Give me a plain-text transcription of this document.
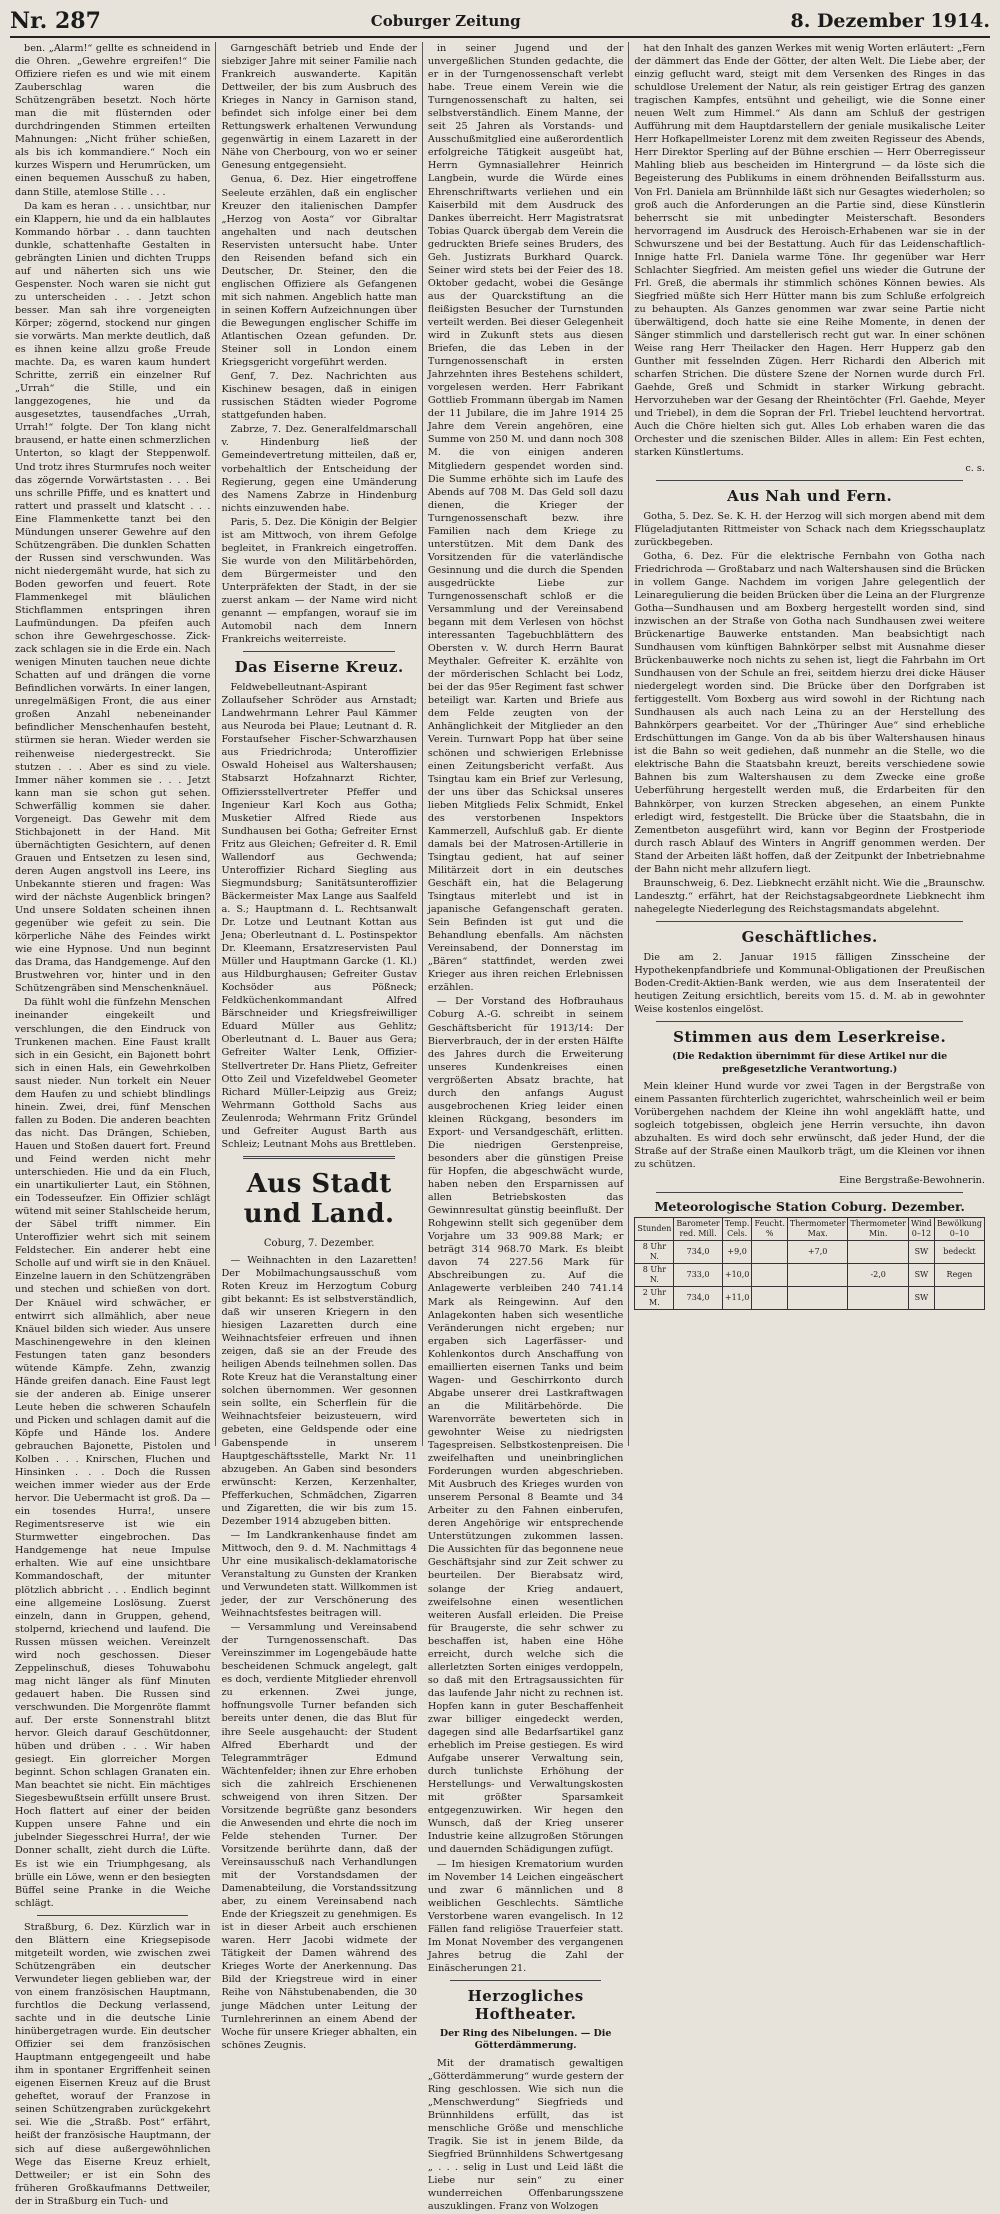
Nr. 287	Coburger Zeitung	8. Dezember 1914.

ben. „Alarm!“ gellte es schneidend in die Ohren. „Gewehre ergreifen!“ Die Offiziere riefen es und wie mit einem Zauberschlag waren die Schützengräben besetzt. Noch hörte man die mit flüsternden oder durchdringenden Stimmen erteilten Mahnungen: „Nicht früher schießen, als bis ich kommandiere.“ Noch ein kurzes Wispern und Herumrücken, um einen bequemen Ausschuß zu haben, dann Stille, atemlose Stille . . .

Da kam es heran . . . unsichtbar, nur ein Klappern, hie und da ein halblautes Kommando hörbar . . dann tauchten dunkle, schattenhafte Gestalten in gebrängten Linien und dichten Trupps auf und näherten sich uns wie Gespenster. Noch waren sie nicht gut zu unterscheiden . . . Jetzt schon besser. Man sah ihre vorgeneigten Körper; zögernd, stockend nur gingen sie vorwärts. Man merkte deutlich, daß es ihnen keine allzu große Freude machte. Da, es waren kaum hundert Schritte, zerriß ein einzelner Ruf „Urrah“ die Stille, und ein langgezogenes, hie und da ausgesetztes, tausendfaches „Urrah, Urrah!“ folgte. Der Ton klang nicht brausend, er hatte einen schmerzlichen Unterton, so klagt der Steppenwolf. Und trotz ihres Sturmrufes noch weiter das zögernde Vorwärtstasten . . . Bei uns schrille Pfiffe, und es knattert und rattert und prasselt und klatscht . . . Eine Flammenkette tanzt bei den Mündungen unserer Gewehre auf den Schützengräben. Die dunklen Schatten der Russen sind verschwunden. Was nicht niedergemäht wurde, hat sich zu Boden geworfen und feuert. Rote Flammenkegel mit bläulichen Stichflammen entspringen ihren Laufmündungen. Da pfeifen auch schon ihre Gewehrgeschosse. Zick-zack schlagen sie in die Erde ein. Nach wenigen Minuten tauchen neue dichte Schatten auf und drängen die vorne Befindlichen vorwärts. In einer langen, unregelmäßigen Front, die aus einer großen Anzahl nebeneinander befindlicher Menschenhaufen besteht, stürmen sie heran. Wieder werden sie reihenweise niedergestreckt. Sie stutzen . . . Aber es sind zu viele. Immer näher kommen sie . . . Jetzt kann man sie schon gut sehen. Schwerfällig kommen sie daher. Vorgeneigt. Das Gewehr mit dem Stichbajonett in der Hand. Mit übernächtigten Gesichtern, auf denen Grauen und Entsetzen zu lesen sind, deren Augen angstvoll ins Leere, ins Unbekannte stieren und fragen: Was wird der nächste Augenblick bringen? Und unsere Soldaten scheinen ihnen gegenüber wie gefeit zu sein. Die körperliche Nähe des Feindes wirkt wie eine Hypnose. Und nun beginnt das Drama, das Handgemenge. Auf den Brustwehren vor, hinter und in den Schützengräben sind Menschenknäuel.

Da fühlt wohl die fünfzehn Menschen ineinander eingekeilt und verschlungen, die den Eindruck von Trunkenen machen. Eine Faust krallt sich in ein Gesicht, ein Bajonett bohrt sich in einen Hals, ein Gewehrkolben saust nieder. Nun torkelt ein Neuer dem Haufen zu und schiebt blindlings hinein. Zwei, drei, fünf Menschen fallen zu Boden. Die anderen beachten das nicht. Das Drängen, Schieben, Hauen und Stoßen dauert fort. Freund und Feind werden nicht mehr unterschieden. Hie und da ein Fluch, ein unartikulierter Laut, ein Stöhnen, ein Todesseufzer. Ein Offizier schlägt wütend mit seiner Stahlscheide herum, der Säbel trifft nimmer. Ein Unteroffizier wehrt sich mit seinem Feldstecher. Ein anderer hebt eine Scholle auf und wirft sie in den Knäuel. Einzelne lauern in den Schützengräben und stechen und schießen von dort. Der Knäuel wird schwächer, er entwirrt sich allmählich, aber neue Knäuel bilden sich wieder. Aus unsere Maschinengewehre in den kleinen Festungen taten ganz besonders wütende Kämpfe. Zehn, zwanzig Hände greifen danach. Eine Faust legt sie der anderen ab. Einige unserer Leute heben die schweren Schaufeln und Picken und schlagen damit auf die Köpfe und Hände los. Andere gebrauchen Bajonette, Pistolen und Kolben . . . Knirschen, Fluchen und Hinsinken . . . Doch die Russen weichen immer wieder aus der Erde hervor. Die Uebermacht ist groß. Da — ein tosendes Hurra!, unsere Regimentsreserve ist wie ein Sturmwetter eingebrochen. Das Handgemenge hat neue Impulse erhalten. Wie auf eine unsichtbare Kommandoschaft, der mitunter plötzlich abbricht . . . Endlich beginnt eine allgemeine Loslösung. Zuerst einzeln, dann in Gruppen, gehend, stolpernd, kriechend und laufend. Die Russen müssen weichen. Vereinzelt wird noch geschossen. Dieser Zeppelinschuß, dieses Tohuwabohu mag nicht länger als fünf Minuten gedauert haben. Die Russen sind verschwunden. Die Morgenröte flammt auf. Der erste Sonnenstrahl blitzt hervor. Gleich darauf Geschütdonner, hüben und drüben . . . Wir haben gesiegt. Ein glorreicher Morgen beginnt. Schon schlagen Granaten ein. Man beachtet sie nicht. Ein mächtiges Siegesbewußtsein erfüllt unsere Brust. Hoch flattert auf einer der beiden Kuppen unsere Fahne und ein jubelnder Siegesschrei Hurra!, der wie Donner schallt, zieht durch die Lüfte. Es ist wie ein Triumphgesang, als brülle ein Löwe, wenn er den besiegten Büffel seine Pranke in die Weiche schlägt.

Straßburg, 6. Dez. Kürzlich war in den Blättern eine Kriegsepisode mitgeteilt worden, wie zwischen zwei Schützengräben ein deutscher Verwundeter liegen geblieben war, der von einem französischen Hauptmann, furchtlos die Deckung verlassend, sachte und in die deutsche Linie hinübergetragen wurde. Ein deutscher Offizier sei dem französischen Hauptmann entgegengeeilt und habe ihm in spontaner Ergriffenheit seinen eigenen Eisernen Kreuz auf die Brust geheftet, worauf der Franzose in seinen Schützengraben zurückgekehrt sei. Wie die „Straßb. Post“ erfährt, heißt der französische Hauptmann, der sich auf diese außergewöhnlichen Wege das Eiserne Kreuz erhielt, Dettweiler; er ist ein Sohn des früheren Großkaufmanns Dettweiler, der in Straßburg ein Tuch- und

Garngeschäft betrieb und Ende der siebziger Jahre mit seiner Familie nach Frankreich auswanderte. Kapitän Dettweiler, der bis zum Ausbruch des Krieges in Nancy in Garnison stand, befindet sich infolge einer bei dem Rettungswerk erhaltenen Verwundung gegenwärtig in einem Lazarett in der Nähe von Cherbourg, von wo er seiner Genesung entgegensieht.

Genua, 6. Dez. Hier eingetroffene Seeleute erzählen, daß ein englischer Kreuzer den italienischen Dampfer „Herzog von Aosta“ vor Gibraltar angehalten und nach deutschen Reservisten untersucht habe. Unter den Reisenden befand sich ein Deutscher, Dr. Steiner, den die englischen Offiziere als Gefangenen mit sich nahmen. Angeblich hatte man in seinen Koffern Aufzeichnungen über die Bewegungen englischer Schiffe im Atlantischen Ozean gefunden. Dr. Steiner soll in London einem Kriegsgericht vorgeführt werden.

Genf, 7. Dez. Nachrichten aus Kischinew besagen, daß in einigen russischen Städten wieder Pogrome stattgefunden haben.

Zabrze, 7. Dez. Generalfeldmarschall v. Hindenburg ließ der Gemeindevertretung mitteilen, daß er, vorbehaltlich der Entscheidung der Regierung, gegen eine Umänderung des Namens Zabrze in Hindenburg nichts einzuwenden habe.

Paris, 5. Dez. Die Königin der Belgier ist am Mittwoch, von ihrem Gefolge begleitet, in Frankreich eingetroffen. Sie wurde von den Militärbehörden, dem Bürgermeister und den Unterpräfekten der Stadt, in der sie zuerst ankam — der Name wird nicht genannt — empfangen, worauf sie im Automobil nach dem Innern Frankreichs weiterreiste.

Das Eiserne Kreuz.

Feldwebelleutnant-Aspirant Zollaufseher Schröder aus Arnstadt; Landwehrmann Lehrer Paul Kämmer aus Neuroda bei Plaue; Leutnant d. R. Forstaufseher Fischer-Schwarzhausen aus Friedrichroda; Unteroffizier Oswald Hoheisel aus Waltershausen; Stabsarzt Hofzahnarzt Richter, Offiziersstellvertreter Pfeffer und Ingenieur Karl Koch aus Gotha; Musketier Alfred Riede aus Sundhausen bei Gotha; Gefreiter Ernst Fritz aus Gleichen; Gefreiter d. R. Emil Wallendorf aus Gechwenda; Unteroffizier Richard Siegling aus Siegmundsburg; Sanitätsunteroffizier Bäckermeister Max Lange aus Saalfeld a. S.; Hauptmann d. L. Rechtsanwalt Dr. Lotze und Leutnant Kottan aus Jena; Oberleutnant d. L. Postinspektor Dr. Kleemann, Ersatzreservisten Paul Müller und Hauptmann Garcke (1. Kl.) aus Hildburghausen; Gefreiter Gustav Kochsöder aus Pößneck; Feldküchenkommandant Alfred Bärschneider und Kriegsfreiwilliger Eduard Müller aus Gehlitz; Oberleutnant d. L. Bauer aus Gera; Gefreiter Walter Lenk, Offizier-Stellvertreter Dr. Hans Plietz, Gefreiter Otto Zeil und Vizefeldwebel Geometer Richard Müller-Leipzig aus Greiz; Wehrmann Gotthold Sachs aus Zeulenroda; Wehrmann Fritz Gründel und Gefreiter August Barth aus Schleiz; Leutnant Mohs aus Brettleben.

Aus Stadt und Land.
Coburg, 7. Dezember.

— Weihnachten in den Lazaretten! Der Mobilmachungsausschuß vom Roten Kreuz im Herzogtum Coburg gibt bekannt: Es ist selbstverständlich, daß wir unseren Kriegern in den hiesigen Lazaretten durch eine Weihnachtsfeier erfreuen und ihnen zeigen, daß sie an der Freude des heiligen Abends teilnehmen sollen. Das Rote Kreuz hat die Veranstaltung einer solchen übernommen. Wer gesonnen sein sollte, ein Scherflein für die Weihnachtsfeier beizusteuern, wird gebeten, eine Geldspende oder eine Gabenspende in unserem Hauptgeschäftsstelle, Markt Nr. 11 abzugeben. An Gaben sind besonders erwünscht: Kerzen, Kerzenhalter, Pfefferkuchen, Schmädchen, Zigarren und Zigaretten, die wir bis zum 15. Dezember 1914 abzugeben bitten.

— Im Landkrankenhause findet am Mittwoch, den 9. d. M. Nachmittags 4 Uhr eine musikalisch-deklamatorische Veranstaltung zu Gunsten der Kranken und Verwundeten statt. Willkommen ist jeder, der zur Verschönerung des Weihnachtsfestes beitragen will.

— Versammlung und Vereinsabend der Turngenossenschaft. Das Vereinszimmer im Logengebäude hatte bescheidenen Schmuck angelegt, galt es doch, verdiente Mitglieder ehrenvoll zu erkennen. Zwei junge, hoffnungsvolle Turner befanden sich bereits unter denen, die das Blut für ihre Seele ausgehaucht: der Student Alfred Eberhardt und der Telegrammträger Edmund Wächtenfelder; ihnen zur Ehre erhoben sich die zahlreich Erschienenen schweigend von ihren Sitzen. Der Vorsitzende begrüßte ganz besonders die Anwesenden und ehrte die noch im Felde stehenden Turner. Der Vorsitzende berührte dann, daß der Vereinsausschuß nach Verhandlungen mit der Vorstandsdamen der Damenabteilung, die Vorstandssitzung aber, zu einem Vereinsabend nach Ende der Kriegszeit zu genehmigen. Es ist in dieser Arbeit auch erschienen waren. Herr Jacobi widmete der Tätigkeit der Damen während des Krieges Worte der Anerkennung. Das Bild der Kriegstreue wird in einer Reihe von Nähstubenabenden, die 30 junge Mädchen unter Leitung der Turnlehrerinnen an einem Abend der Woche für unsere Krieger abhalten, ein schönes Zeugnis.

in seiner Jugend und der unvergeßlichen Stunden gedachte, die er in der Turngenossenschaft verlebt habe. Treue einem Verein wie die Turngenossenschaft zu halten, sei selbstverständlich. Einem Manne, der seit 25 Jahren als Vorstands- und Ausschußmitglied eine außerordentlich erfolgreiche Tätigkeit ausgeübt hat, Herrn Gymnasiallehrer Heinrich Langbein, wurde die Würde eines Ehrenschriftwarts verliehen und ein Kaiserbild mit dem Ausdruck des Dankes überreicht. Herr Magistratsrat Tobias Quarck übergab dem Verein die gedruckten Briefe seines Bruders, des Geh. Justizrats Burkhard Quarck. Seiner wird stets bei der Feier des 18. Oktober gedacht, wobei die Gesänge aus der Quarckstiftung an die fleißigsten Besucher der Turnstunden verteilt werden. Bei dieser Gelegenheit wird in Zukunft stets aus diesen Briefen, die das Leben in der Turngenossenschaft in ersten Jahrzehnten ihres Bestehens schildert, vorgelesen werden. Herr Fabrikant Gottlieb Frommann übergab im Namen der 11 Jubilare, die im Jahre 1914 25 Jahre dem Verein angehören, eine Summe von 250 M. und dann noch 308 M. die von einigen anderen Mitgliedern gespendet worden sind. Die Summe erhöhte sich im Laufe des Abends auf 708 M. Das Geld soll dazu dienen, die Krieger der Turngenossenschaft bezw. ihre Familien nach dem Kriege zu unterstützen. Mit dem Dank des Vorsitzenden für die vaterländische Gesinnung und die durch die Spenden ausgedrückte Liebe zur Turngenossenschaft schloß er die Versammlung und der Vereinsabend begann mit dem Verlesen von höchst interessanten Tagebuchblättern des Obersten v. W. durch Herrn Baurat Meythaler. Gefreiter K. erzählte von der mörderischen Schlacht bei Lodz, bei der das 95er Regiment fast schwer beteiligt war. Karten und Briefe aus dem Felde zeugten von der Anhänglichkeit der Mitglieder an den Verein. Turnwart Popp hat über seine schönen und schwierigen Erlebnisse einen Zeitungsbericht verfaßt. Aus Tsingtau kam ein Brief zur Verlesung, der uns über das Schicksal unseres lieben Mitglieds Felix Schmidt, Enkel des verstorbenen Inspektors Kammerzell, Aufschluß gab. Er diente damals bei der Matrosen-Artillerie in Tsingtau gedient, hat auf seiner Militärzeit dort in ein deutsches Geschäft ein, hat die Belagerung Tsingtaus miterlebt und ist in japanische Gefangenschaft geraten. Sein Befinden ist gut und die Behandlung ebenfalls. Am nächsten Vereinsabend, der Donnerstag im „Bären“ stattfindet, werden zwei Krieger aus ihren reichen Erlebnissen erzählen.

— Der Vorstand des Hofbrauhaus Coburg A.-G. schreibt in seinem Geschäftsbericht für 1913/14: Der Bierverbrauch, der in der ersten Hälfte des Jahres durch die Erweiterung unseres Kundenkreises einen vergrößerten Absatz brachte, hat durch den anfangs August ausgebrochenen Krieg leider einen kleinen Rückgang, besonders im Export- und Versandgeschäft, erlitten. Die niedrigen Gerstenpreise, besonders aber die günstigen Preise für Hopfen, die abgeschwächt wurde, haben neben den Ersparnissen auf allen Betriebskosten das Gewinnresultat günstig beeinflußt. Der Rohgewinn stellt sich gegenüber dem Vorjahre um 33 909.88 Mark; er beträgt 314 968.70 Mark. Es bleibt davon 74 227.56 Mark für Abschreibungen zu. Auf die Anlagewerte verbleiben 240 741.14 Mark als Reingewinn. Auf den Anlagekonten haben sich wesentliche Veränderungen nicht ergeben; nur ergaben sich Lagerfässer- und Kohlenkontos durch Anschaffung von emaillierten eisernen Tanks und beim Wagen- und Geschirrkonto durch Abgabe unserer drei Lastkraftwagen an die Militärbehörde. Die Warenvorräte bewerteten sich in gewohnter Weise zu niedrigsten Tagespreisen. Selbstkostenpreisen. Die zweifelhaften und uneinbringlichen Forderungen wurden abgeschrieben. Mit Ausbruch des Krieges wurden von unserem Personal 8 Beamte und 34 Arbeiter zu den Fahnen einberufen, deren Angehörige wir entsprechende Unterstützungen zukommen lassen. Die Aussichten für das begonnene neue Geschäftsjahr sind zur Zeit schwer zu beurteilen. Der Bierabsatz wird, solange der Krieg andauert, zweifelsohne einen wesentlichen weiteren Ausfall erleiden. Die Preise für Braugerste, die sehr schwer zu beschaffen ist, haben eine Höhe erreicht, durch welche sich die allerletzten Sorten einiges verdoppeln, so daß mit den Ertragsaussichten für das laufende Jahr nicht zu rechnen ist. Hopfen kann in guter Beschaffenheit zwar billiger eingedeckt werden, dagegen sind alle Bedarfsartikel ganz erheblich im Preise gestiegen. Es wird Aufgabe unserer Verwaltung sein, durch tunlichste Erhöhung der Herstellungs- und Verwaltungskosten mit größter Sparsamkeit entgegenzuwirken. Wir hegen den Wunsch, daß der Krieg unserer Industrie keine allzugroßen Störungen und dauernden Schädigungen zufügt.

— Im hiesigen Krematorium wurden im November 14 Leichen eingeäschert und zwar 6 männlichen und 8 weiblichen Geschlechts. Sämtliche Verstorbene waren evangelisch. In 12 Fällen fand religiöse Trauerfeier statt. Im Monat November des vergangenen Jahres betrug die Zahl der Einäscherungen 21.

Herzogliches Hoftheater.
Der Ring des Nibelungen. — Die Götterdämmerung.

Mit der dramatisch gewaltigen „Götterdämmerung“ wurde gestern der Ring geschlossen. Wie sich nun die „Menschwerdung“ Siegfrieds und Brünnhildens erfüllt, das ist menschliche Größe und menschliche Tragik. Sie ist in jenem Bilde, da Siegfried Brünnhildens Schwertgesang „ . . . selig in Lust und Leid läßt die Liebe nur sein“ zu einer wunderreichen Offenbarungsszene auszuklingen. Franz von Wolzogen

hat den Inhalt des ganzen Werkes mit wenig Worten erläutert: „Fern der dämmert das Ende der Götter, der alten Welt. Die Liebe aber, der einzig geflucht ward, steigt mit dem Versenken des Ringes in das schuldlose Urelement der Natur, als rein geistiger Ertrag des ganzen tragischen Kampfes, entsühnt und geheiligt, wie die Sonne einer neuen Welt zum Himmel.“ Als dann am Schluß der gestrigen Aufführung mit dem Hauptdarstellern der geniale musikalische Leiter Herr Hofkapellmeister Lorenz mit dem zweiten Regisseur des Abends, Herr Direktor Sperling auf der Bühne erschien — Herr Oberregisseur Mahling blieb aus bescheiden im Hintergrund — da löste sich die Begeisterung des Publikums in einem dröhnenden Beifallssturm aus. Von Frl. Daniela am Brünnhilde läßt sich nur Gesagtes wiederholen; so groß auch die Anforderungen an die Partie sind, diese Künstlerin beherrscht sie mit unbedingter Meisterschaft. Besonders hervorragend im Ausdruck des Heroisch-Erhabenen war sie in der Schwurszene und bei der Bestattung. Auch für das Leidenschaftlich-Innige hatte Frl. Daniela warme Töne. Ihr gegenüber war Herr Schlachter Siegfried. Am meisten gefiel uns wieder die Gutrune der Frl. Greß, die abermals ihr stimmlich schönes Können bewies. Als Siegfried müßte sich Herr Hütter mann bis zum Schluße erfolgreich zu behaupten. Als Ganzes genommen war zwar seine Partie nicht überwältigend, doch hatte sie eine Reihe Momente, in denen der Sänger stimmlich und darstellerisch recht gut war. In einer schönen Weise rang Herr Theilacker den Hagen. Herr Hupperz gab den Gunther mit fesselnden Zügen. Herr Richardi den Alberich mit scharfen Strichen. Die düstere Szene der Nornen wurde durch Frl. Gaehde, Greß und Schmidt in starker Wirkung gebracht. Hervorzuheben war der Gesang der Rheintöchter (Frl. Gaehde, Meyer und Triebel), in dem die Sopran der Frl. Triebel leuchtend hervortrat. Auch die Chöre hielten sich gut. Alles Lob erhaben waren die das Orchester und die szenischen Bilder. Alles in allem: Ein Fest echten, starken Künstlertums.

c. s.
Aus Nah und Fern.

Gotha, 5. Dez. Se. K. H. der Herzog will sich morgen abend mit dem Flügeladjutanten Rittmeister von Schack nach dem Kriegsschauplatz zurückbegeben.

Gotha, 6. Dez. Für die elektrische Fernbahn von Gotha nach Friedrichroda — Großtabarz und nach Waltershausen sind die Brücken in vollem Gange. Nachdem im vorigen Jahre gelegentlich der Leinaregulierung die beiden Brücken über die Leina an der Flurgrenze Gotha—Sundhausen und am Boxberg hergestellt worden sind, sind inzwischen an der Straße von Gotha nach Sundhausen zwei weitere Brückenartige Bauwerke entstanden. Man beabsichtigt nach Sundhausen vom künftigen Bahnkörper selbst mit Ausnahme dieser Brückenbauwerke noch nichts zu sehen ist, liegt die Fahrbahn im Ort Sundhausen von der Schule an frei, seitdem hierzu drei dicke Häuser niedergelegt worden sind. Die Brücke über den Dorfgraben ist fertiggestellt. Vom Boxberg aus wird sowohl in der Richtung nach Sundhausen als auch nach Leina zu an der Herstellung des Bahnkörpers gearbeitet. Vor der „Thüringer Aue“ sind erhebliche Erdschüttungen im Gange. Von da ab bis über Waltershausen hinaus ist die Bahn so weit gediehen, daß nunmehr an die Stelle, wo die elektrische Bahn die Staatsbahn kreuzt, bereits verschiedene sowie Bahnen bis zum Waltershausen zu dem Zwecke eine große Ueberführung hergestellt werden muß, die Erdarbeiten für den Bahnkörper, von kurzen Strecken abgesehen, an einem Punkte erledigt wird, festgestellt. Die Brücke über die Staatsbahn, die in Zementbeton ausgeführt wird, kann vor Beginn der Frostperiode durch rasch Ablauf des Winters in Angriff genommen werden. Der Stand der Arbeiten läßt hoffen, daß der Zeitpunkt der Inbetriebnahme der Bahn nicht mehr allzufern liegt.

Braunschweig, 6. Dez. Liebknecht erzählt nicht. Wie die „Braunschw. Landesztg.“ erfährt, hat der Reichstagsabgeordnete Liebknecht ihm nahegelegte Niederlegung des Reichstagsmandats abgelehnt.

Geschäftliches.

Die am 2. Januar 1915 fälligen Zinsscheine der Hypothekenpfandbriefe und Kommunal-Obligationen der Preußischen Boden-Credit-Aktien-Bank werden, wie aus dem Inseratenteil der heutigen Zeitung ersichtlich, bereits vom 15. d. M. ab in gewohnter Weise kostenlos eingelöst.

Stimmen aus dem Leserkreise.
(Die Redaktion übernimmt für diese Artikel nur die preßgesetzliche Verantwortung.)

Mein kleiner Hund wurde vor zwei Tagen in der Bergstraße von einem Passanten fürchterlich zugerichtet, wahrscheinlich weil er beim Vorübergehen nachdem der Kleine ihn wohl angekläfft hatte, und sogleich totgebissen, obgleich jene Herrin versuchte, ihn davon abzuhalten. Es wird doch sehr erwünscht, daß jeder Hund, der die Straße auf der Straße einen Maulkorb trägt, um die Kleinen vor ihnen zu schützen.

Eine Bergstraße-Bewohnerin.
Meteorologische Station Coburg. Dezember.
Stunden	Barometer red. Mill.	Temp. Cels.	Feucht. %	Thermometer Max.	Thermometer Min.	Wind 0–12	Bewölkung 0–10
8 Uhr N.	734,0	+9,0		+7,0		SW	bedeckt
8 Uhr N.	733,0	+10,0			-2,0	SW	Regen
2 Uhr M.	734,0	+11,0				SW	
